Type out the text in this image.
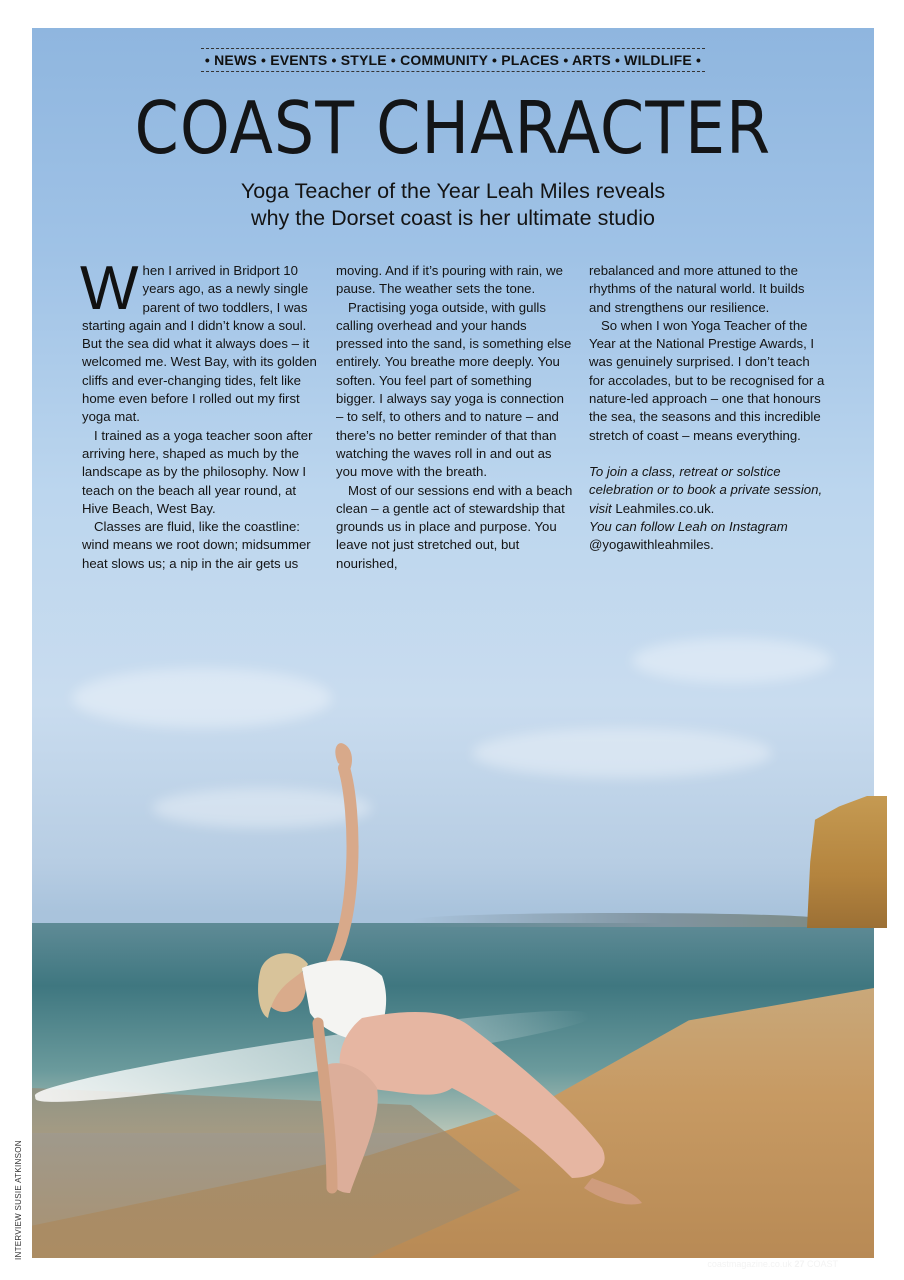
• NEWS • EVENTS • STYLE • COMMUNITY • PLACES • ARTS • WILDLIFE •
COAST CHARACTER
Yoga Teacher of the Year Leah Miles reveals
why the Dorset coast is her ultimate studio

When I arrived in Bridport 10 years ago, as a newly single parent of two toddlers, I was starting again and I didn’t know a soul. But the sea did what it always does – it welcomed me. West Bay, with its golden cliffs and ever-changing tides, felt like home even before I rolled out my first yoga mat.

I trained as a yoga teacher soon after arriving here, shaped as much by the landscape as by the philosophy. Now I teach on the beach all year round, at Hive Beach, West Bay.

Classes are fluid, like the coastline: wind means we root down; midsummer heat slows us; a nip in the air gets us

moving. And if it’s pouring with rain, we pause. The weather sets the tone.

Practising yoga outside, with gulls calling overhead and your hands pressed into the sand, is something else entirely. You breathe more deeply. You soften. You feel part of something bigger. I always say yoga is connection – to self, to others and to nature – and there’s no better reminder of that than watching the waves roll in and out as you move with the breath.

Most of our sessions end with a beach clean – a gentle act of stewardship that grounds us in place and purpose. You leave not just stretched out, but nourished,

rebalanced and more attuned to the rhythms of the natural world. It builds and strengthens our resilience.

So when I won Yoga Teacher of the Year at the National Prestige Awards, I was genuinely surprised. I don’t teach for accolades, but to be recognised for a nature-led approach – one that honours the sea, the seasons and this incredible stretch of coast – means everything.

To join a class, retreat or solstice celebration or to book a private session, visit Leahmiles.co.uk.
You can follow Leah on Instagram
@yogawithleahmiles.

coastmagazine.co.uk 27 COAST
INTERVIEW SUSIE ATKINSON
